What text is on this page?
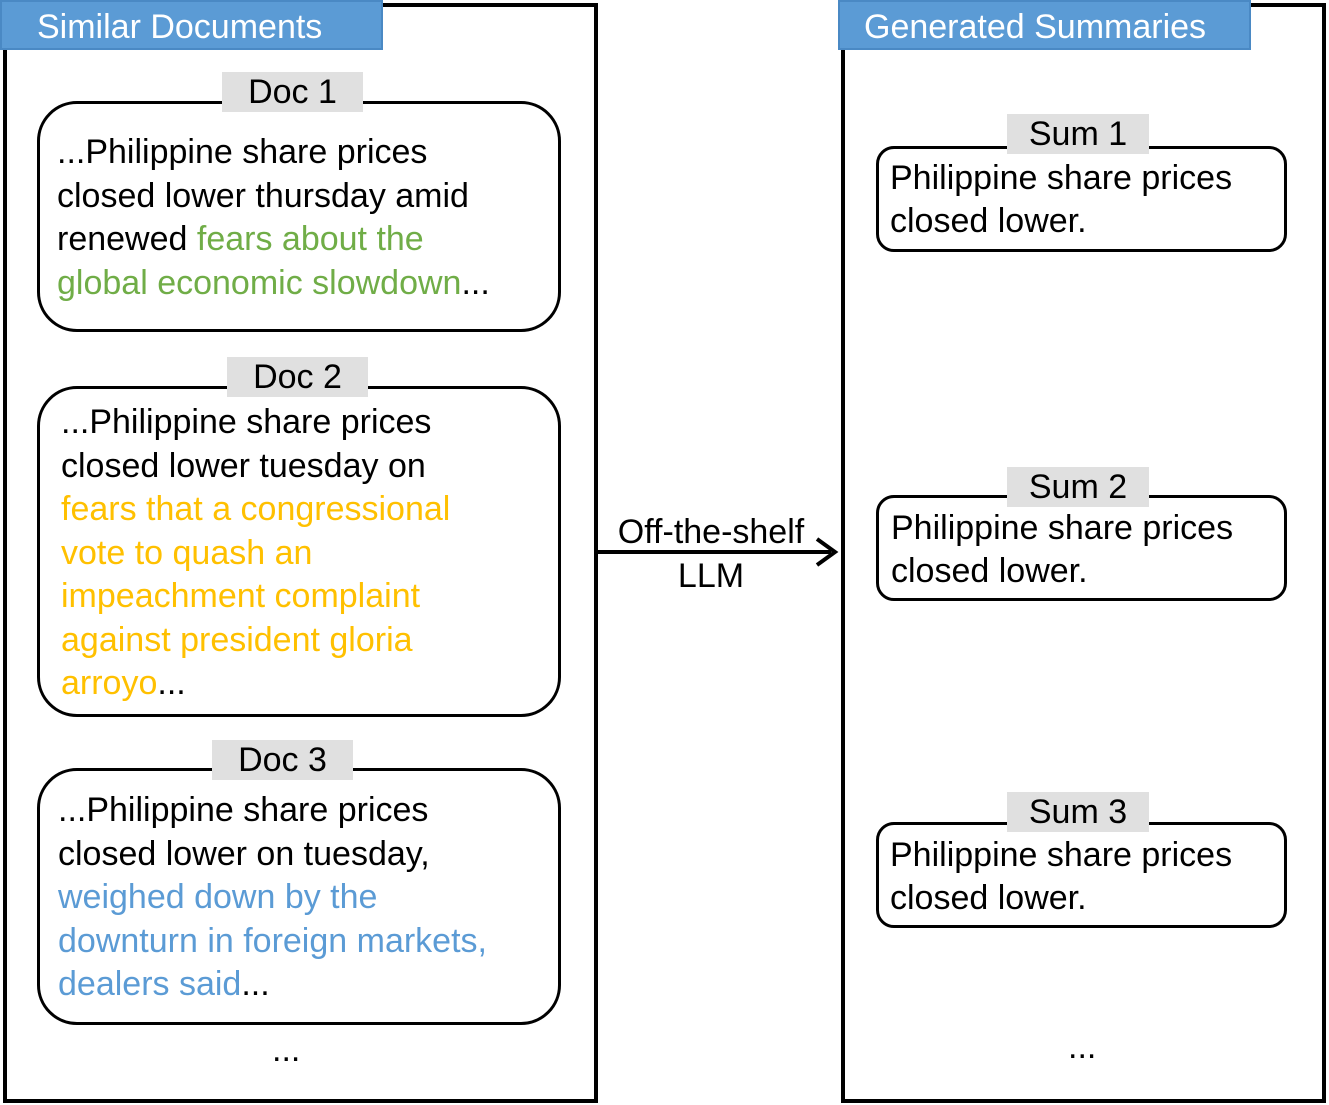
Similar Documents
Doc 1
...Philippine share prices
closed lower thursday amid
renewed fears about the
global economic slowdown...
Doc 2
...Philippine share prices
closed lower tuesday on
fears that a congressional
vote to quash an
impeachment complaint
against president gloria
arroyo...
Doc 3
...Philippine share prices
closed lower on tuesday,
weighed down by the
downturn in foreign markets,
dealers said...
...
Off-the-shelf
LLM
Generated Summaries
Sum 1
Philippine share prices
closed lower.
Sum 2
Philippine share prices
closed lower.
Sum 3
Philippine share prices
closed lower.
...
